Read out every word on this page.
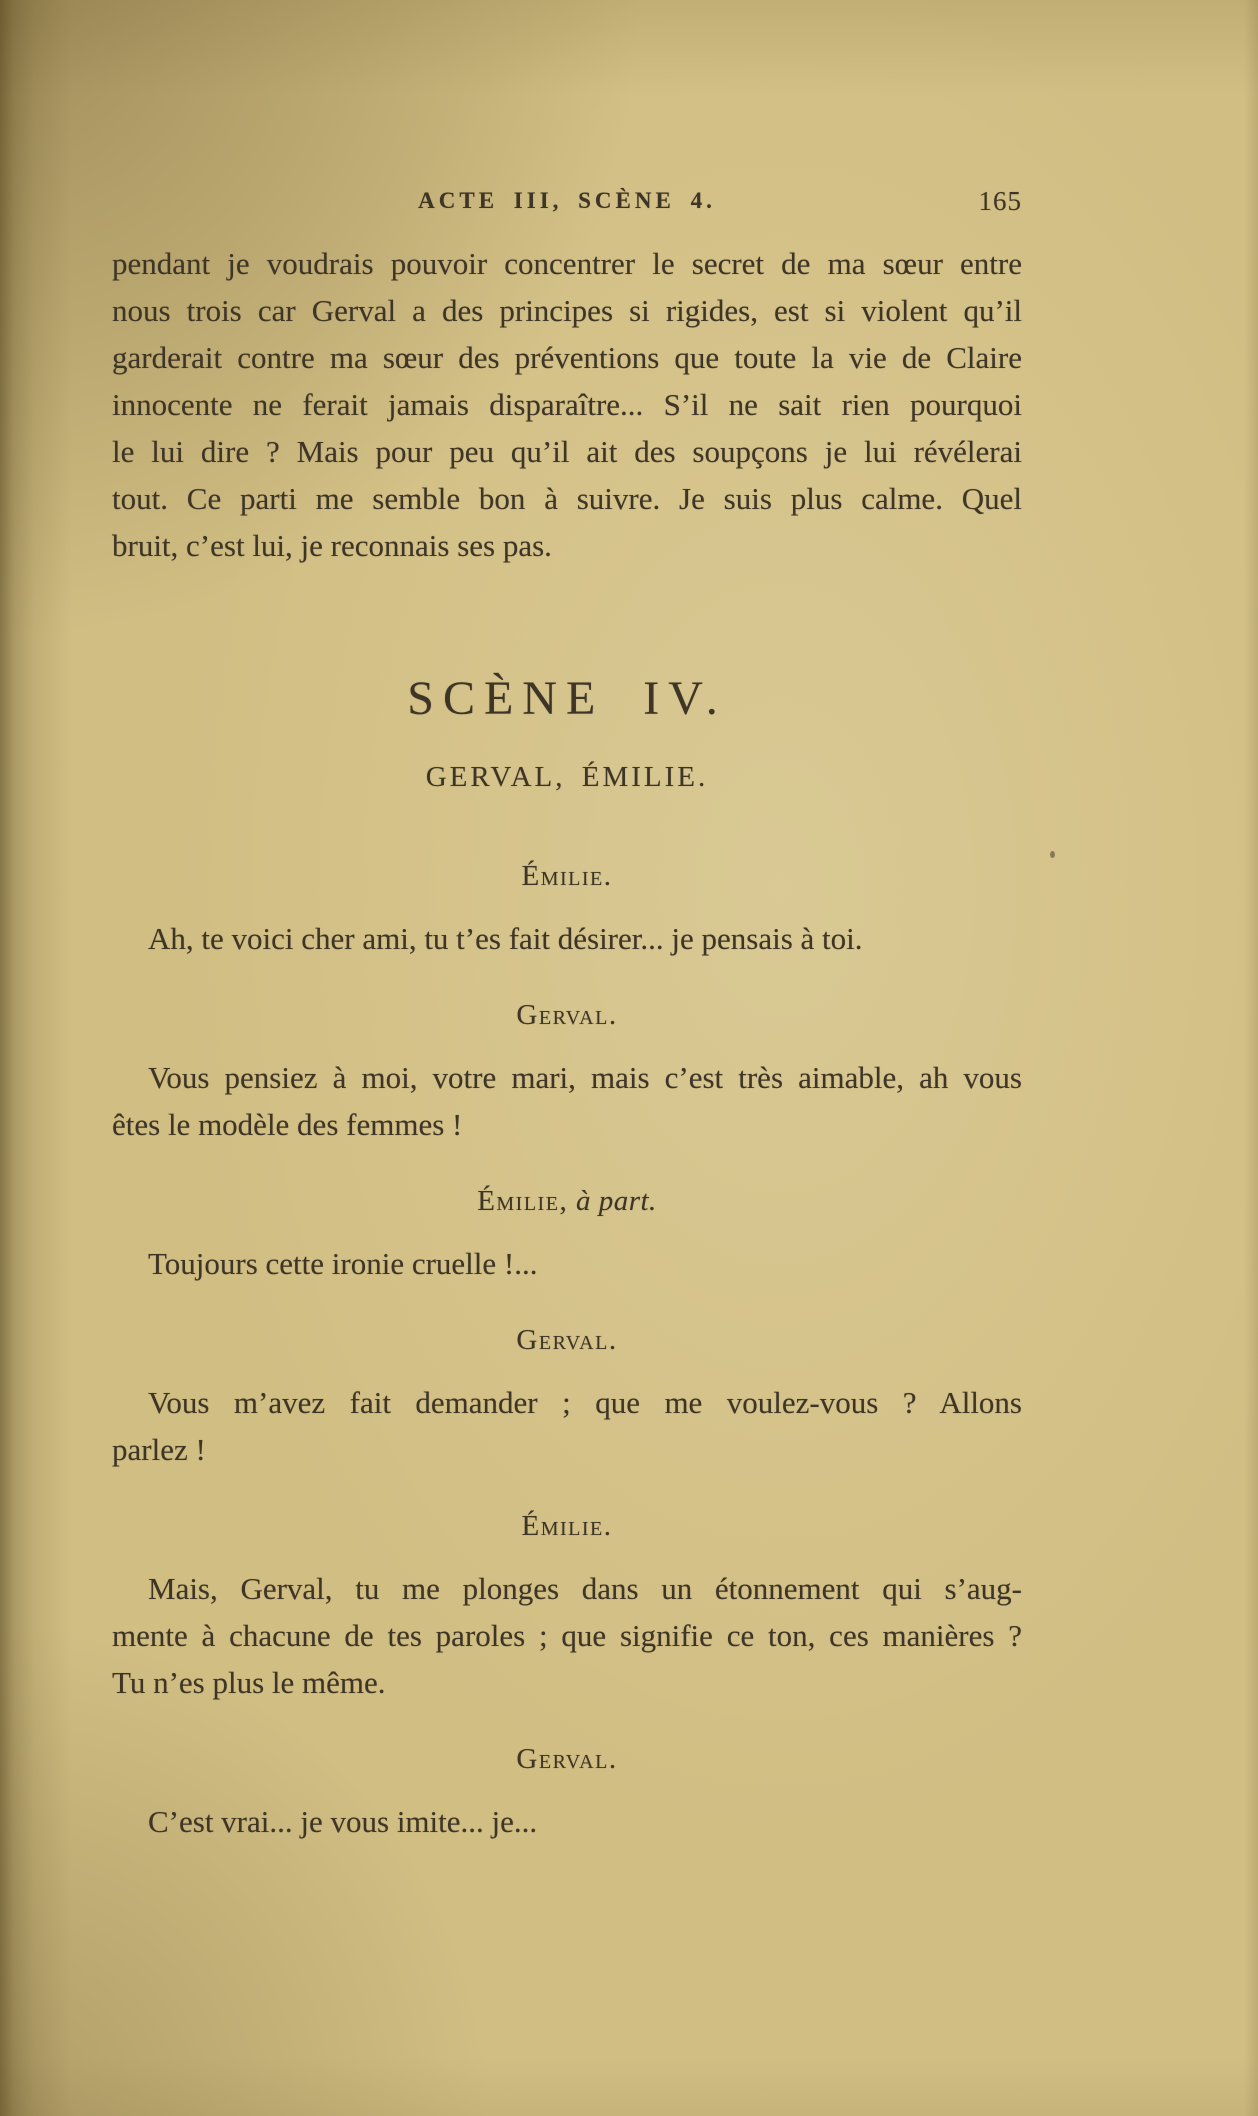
ACTE III, SCÈNE 4.	165
pendant je voudrais pouvoir concentrer le secret de ma sœur entre
nous trois car Gerval a des principes si rigides, est si violent qu’il
garderait contre ma sœur des préventions que toute la vie de Claire
innocente ne ferait jamais disparaître... S’il ne sait rien pourquoi
le lui dire ? Mais pour peu qu’il ait des soupçons je lui révélerai
tout. Ce parti me semble bon à suivre. Je suis plus calme. Quel
bruit, c’est lui, je reconnais ses pas.
SCÈNE IV.
GERVAL, ÉMILIE.
Émilie.
Ah, te voici cher ami, tu t’es fait désirer... je pensais à toi.
Gerval.
Vous pensiez à moi, votre mari, mais c’est très aimable, ah vous
êtes le modèle des femmes !
Émilie, à part.
Toujours cette ironie cruelle !...
Gerval.
Vous m’avez fait demander ; que me voulez-vous ? Allons
parlez !
Émilie.
Mais, Gerval, tu me plonges dans un étonnement qui s’aug-
mente à chacune de tes paroles ; que signifie ce ton, ces manières ?
Tu n’es plus le même.
Gerval.
C’est vrai... je vous imite... je...
